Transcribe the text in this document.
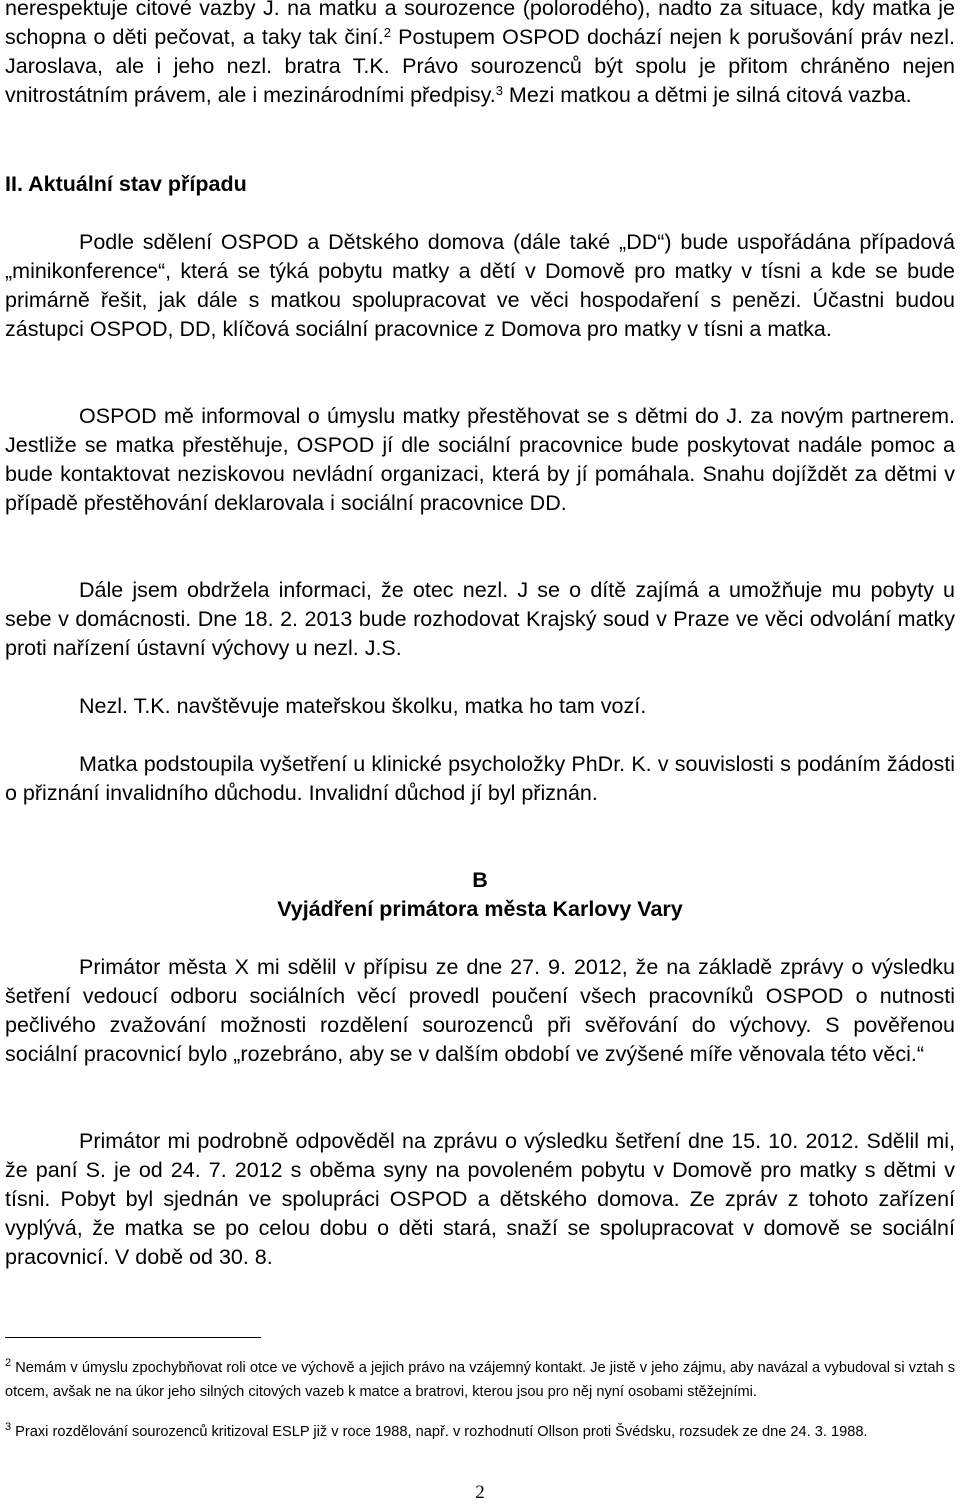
nerespektuje citové vazby J. na matku a sourozence (polorodého), nadto za situace, kdy matka je schopna o děti pečovat, a taky tak činí.$^2$ Postupem OSPOD dochází nejen k porušování práv nezl. Jaroslava, ale i jeho nezl. bratra T.K. Právo sourozenců být spolu je přitom chráněno nejen vnitrostátním právem, ale i mezinárodními předpisy.$^3$ Mezi matkou a dětmi je silná citová vazba.
II. Aktuální stav případu
Podle sdělení OSPOD a Dětského domova (dále také „DD“) bude uspořádána případová „minikonference“, která se týká pobytu matky a dětí v Domově pro matky v tísni a kde se bude primárně řešit, jak dále s matkou spolupracovat ve věci hospodaření s penězi. Účastni budou zástupci OSPOD, DD, klíčová sociální pracovnice z Domova pro matky v tísni a matka.
OSPOD mě informoval o úmyslu matky přestěhovat se s dětmi do J. za novým partnerem. Jestliže se matka přestěhuje, OSPOD jí dle sociální pracovnice bude poskytovat nadále pomoc a bude kontaktovat neziskovou nevládní organizaci, která by jí pomáhala. Snahu dojíždět za dětmi v případě přestěhování deklarovala i sociální pracovnice DD.
Dále jsem obdržela informaci, že otec nezl. J se o dítě zajímá a umožňuje mu pobyty u sebe v domácnosti. Dne 18. 2. 2013 bude rozhodovat Krajský soud v Praze ve věci odvolání matky proti nařízení ústavní výchovy u nezl. J.S.
Nezl. T.K. navštěvuje mateřskou školku, matka ho tam vozí.
Matka podstoupila vyšetření u klinické psycholožky PhDr. K. v souvislosti s podáním žádosti o přiznání invalidního důchodu. Invalidní důchod jí byl přiznán.
B
Vyjádření primátora města Karlovy Vary
Primátor města X mi sdělil v přípisu ze dne 27. 9. 2012, že na základě zprávy o výsledku šetření vedoucí odboru sociálních věcí provedl poučení všech pracovníků OSPOD o nutnosti pečlivého zvažování možnosti rozdělení sourozenců při svěřování do výchovy. S pověřenou sociální pracovnicí bylo „rozebráno, aby se v dalším období ve zvýšené míře věnovala této věci.“
Primátor mi podrobně odpověděl na zprávu o výsledku šetření dne 15. 10. 2012. Sdělil mi, že paní S. je od 24. 7. 2012 s oběma syny na povoleném pobytu v Domově pro matky s dětmi v tísni. Pobyt byl sjednán ve spolupráci OSPOD a dětského domova. Ze zpráv z tohoto zařízení vyplývá, že matka se po celou dobu o děti stará, snaží se spolupracovat v domově se sociální pracovnicí. V době od 30. 8.
$^2$ Nemám v úmyslu zpochybňovat roli otce ve výchově a jejich právo na vzájemný kontakt. Je jistě v jeho zájmu, aby navázal a vybudoval si vztah s otcem, avšak ne na úkor jeho silných citových vazeb k matce a bratrovi, kterou jsou pro něj nyní osobami stěžejními.
$^3$ Praxi rozdělování sourozenců kritizoval ESLP již v roce 1988, např. v rozhodnutí Ollson proti Švédsku, rozsudek ze dne 24. 3. 1988.
2
